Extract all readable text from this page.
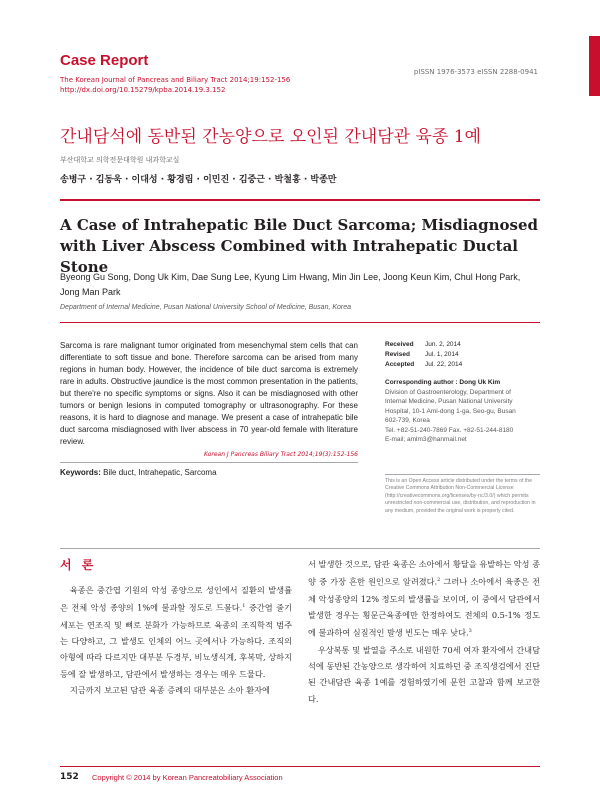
Case Report
The Korean Journal of Pancreas and Biliary Tract 2014;19:152-156
http://dx.doi.org/10.15279/kpba.2014.19.3.152
pISSN 1976-3573 eISSN 2288-0941
간내담석에 동반된 간농양으로 오인된 간내담관 육종 1예
부산대학교 의학전문대학원 내과학교실
송병구 · 김동욱 · 이대성 · 황경림 · 이민진 · 김중근 · 박철홍 · 박종만
A Case of Intrahepatic Bile Duct Sarcoma; Misdiagnosed with Liver Abscess Combined with Intrahepatic Ductal Stone
Byeong Gu Song, Dong Uk Kim, Dae Sung Lee, Kyung Lim Hwang, Min Jin Lee, Joong Keun Kim, Chul Hong Park, Jong Man Park
Department of Internal Medicine, Pusan National University School of Medicine, Busan, Korea
Sarcoma is rare malignant tumor originated from mesenchymal stem cells that can differentiate to soft tissue and bone. Therefore sarcoma can be arised from many regions in human body. However, the incidence of bile duct sarcoma is extremely rare in adults. Obstructive jaundice is the most common presentation in the patients, but there're no specific symptoms or signs. Also it can be misdiagnosed with other tumors or benign lesions in computed tomography or ultrasonography. For these reasons, it is hard to diagnose and manage. We present a case of intrahepatic bile duct sarcoma misdiagnosed with liver abscess in 70 year-old female with literature review.
Korean J Pancreas Biliary Tract 2014;19(3):152-156
Keywords: Bile duct, Intrahepatic, Sarcoma
Received Jun. 2, 2014
Revised Jul. 1, 2014
Accepted Jul. 22, 2014
Corresponding author : Dong Uk Kim
Division of Gastroenterology, Department of
Internal Medicine, Pusan National University
Hospital, 10-1 Ami-dong 1-ga, Seo-gu, Busan
602-739, Korea
Tel. +82-51-240-7869 Fax. +82-51-244-8180
E-mail; amlm3@hanmail.net
This is an Open Access article distributed under the terms of the Creative Commons Attribution Non-Commercial License (http://creativecommons.org/licenses/by-nc/3.0/) which permits unrestricted non-commercial use, distribution, and reproduction in any medium, provided the original work is properly cited.
서 론

육종은 중간엽 기원의 악성 종양으로 성인에서 질환의 발생률은 전체 악성 종양의 1%에 불과할 정도로 드물다.$^1$ 중간엽 줄기세포는 연조직 및 뼈로 분화가 가능하므로 육종의 조직학적 범주는 다양하고, 그 발생도 인체의 어느 곳에서나 가능하다. 조직의 아형에 따라 다르지만 대부분 두경부, 비뇨생식계, 후복막, 상하지 등에 잘 발생하고, 담관에서 발생하는 경우는 매우 드물다.

지금까지 보고된 담관 육종 증례의 대부분은 소아 환자에

서 발생한 것으로, 담관 육종은 소아에서 황달을 유발하는 악성 종양 중 가장 흔한 원인으로 알려졌다.$^2$ 그러나 소아에서 육종은 전체 악성종양의 12% 정도의 발생률을 보이며, 이 중에서 담관에서 발생한 경우는 횡문근육종에만 한정하여도 전체의 0.5-1% 정도에 불과하여 실질적인 발생 빈도는 매우 낮다.$^3$

우상복통 및 발열을 주소로 내원한 70세 여자 환자에서 간내담석에 동반된 간농양으로 생각하여 치료하던 중 조직생검에서 진단된 간내담관 육종 1예를 경험하였기에 문헌 고찰과 함께 보고한다.

152 Copyright © 2014 by Korean Pancreatobiliary Association
